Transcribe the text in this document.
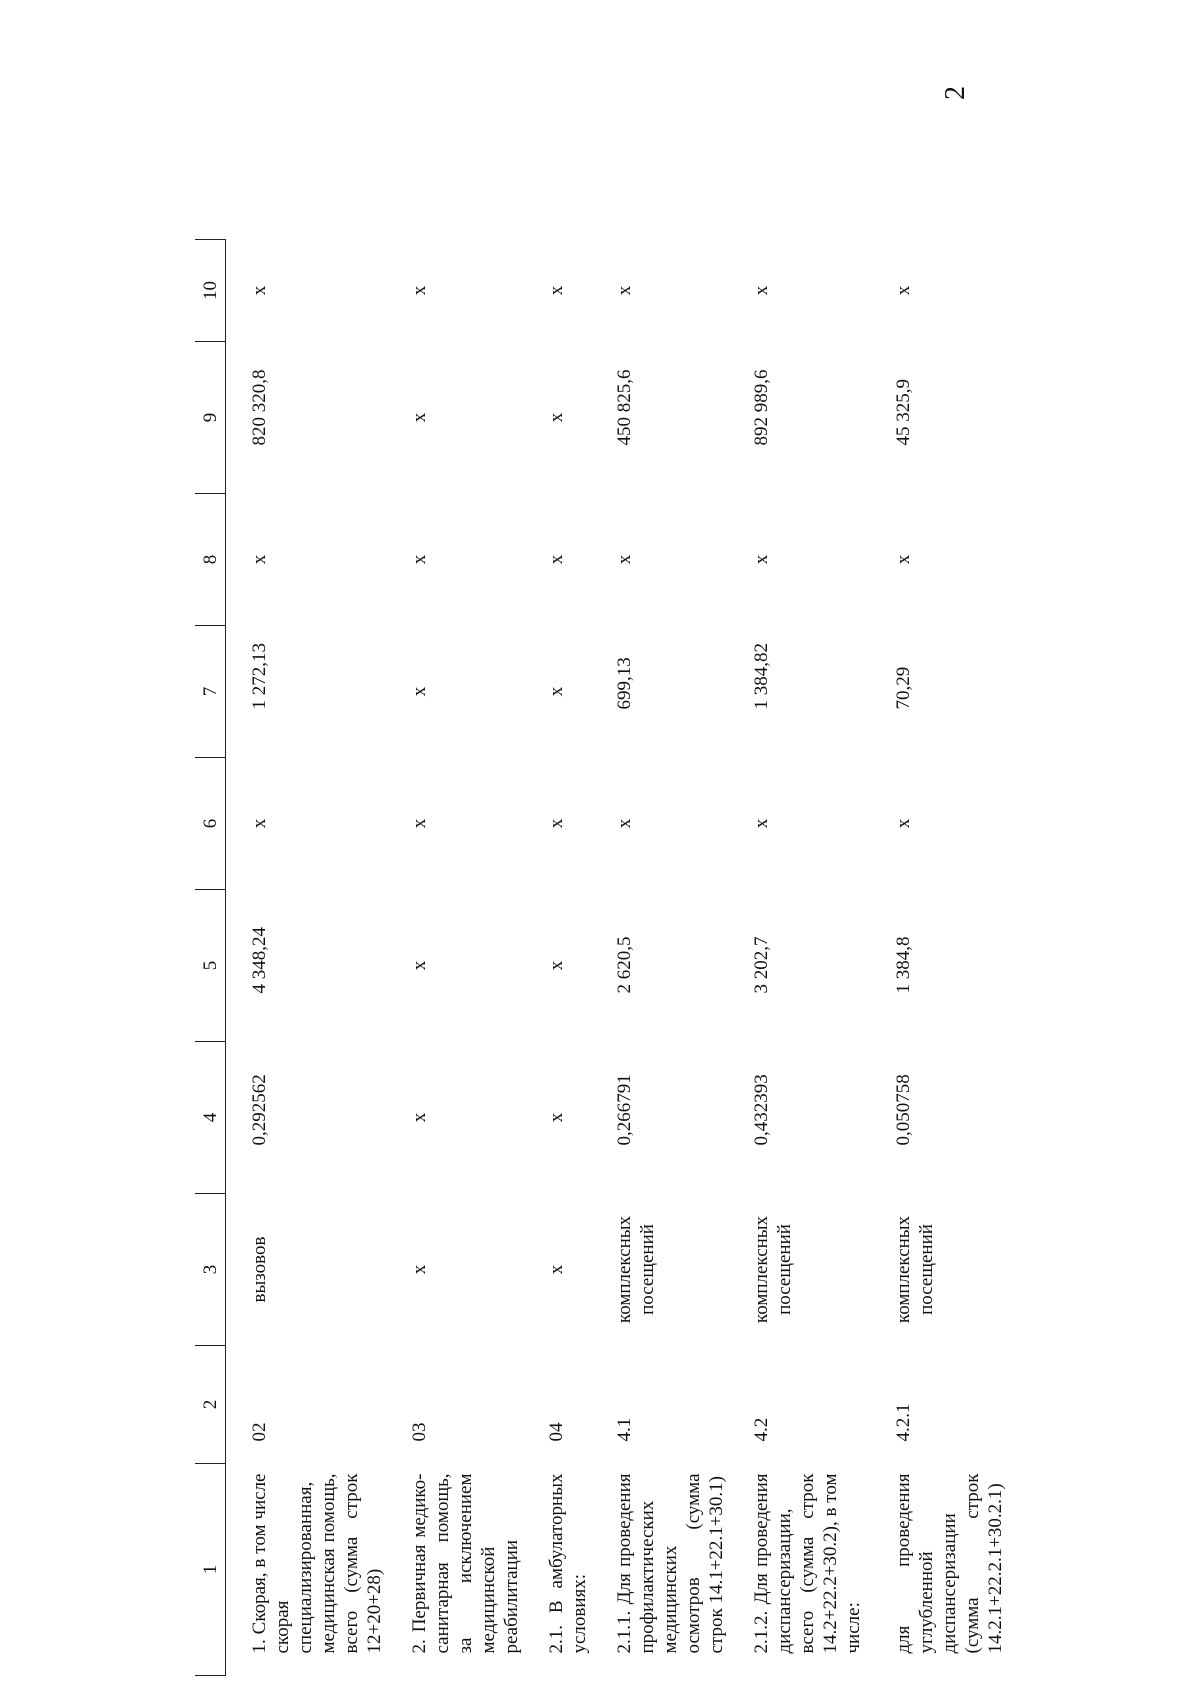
2
1	2	3	4	5	6	7	8	9	10
1. Скорая, в том числе скорая специализированная, медицинская помощь, всего (сумма строк 12+20+28)	02	вызовов	0,292562	4 348,24	x	1 272,13	x	820 320,8	x
2. Первичная медико-санитарная помощь, за исключением медицинской реабилитации	03	x	x	x	x	x	x	x	x
2.1. В амбулаторных условиях:	04	x	x	x	x	x	x	x	x
2.1.1. Для проведения профилактических медицинских осмотров (сумма строк 14.1+22.1+30.1)	4.1	комплексных посещений	0,266791	2 620,5	x	699,13	x	450 825,6	x
2.1.2. Для проведения диспансеризации, всего (сумма строк 14.2+22.2+30.2), в том числе:	4.2	комплексных посещений	0,432393	3 202,7	x	1 384,82	x	892 989,6	x
для проведения углубленной диспансеризации (сумма строк 14.2.1+22.2.1+30.2.1)	4.2.1	комплексных посещений	0,050758	1 384,8	x	70,29	x	45 325,9	x
